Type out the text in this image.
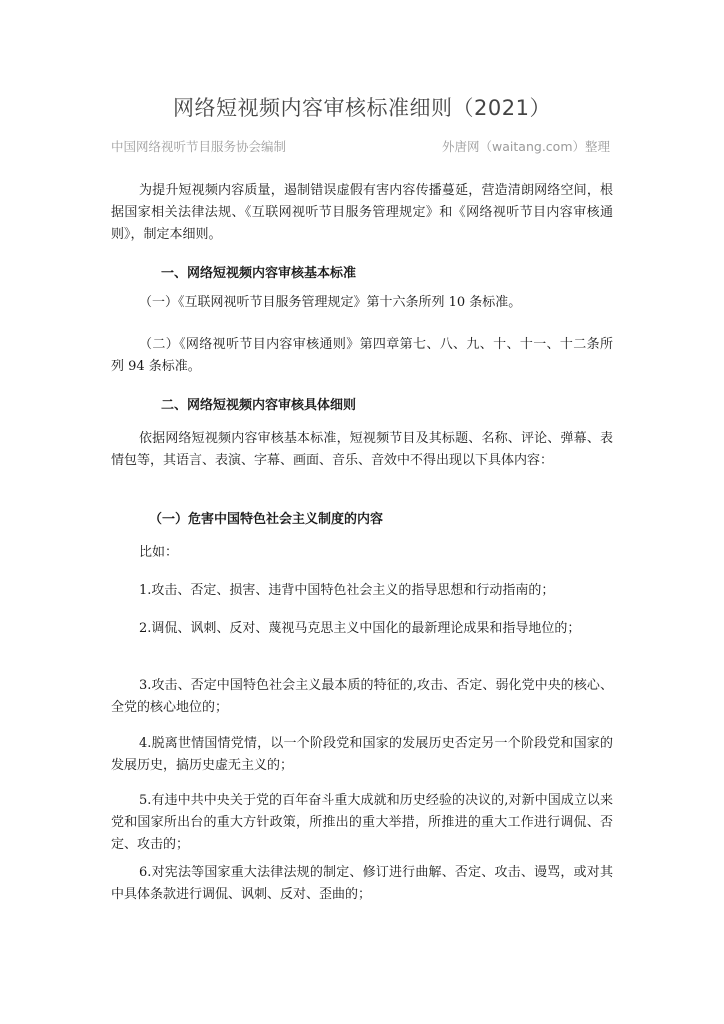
网络短视频内容审核标准细则（2021）
中国网络视听节目服务协会编制	外唐网（waitang.com）整理
为提升短视频内容质量，遏制错误虚假有害内容传播蔓延，营造清朗网络空间，根据国家相关法律法规、《互联网视听节目服务管理规定》和《网络视听节目内容审核通则》，制定本细则。
一、网络短视频内容审核基本标准
（一）《互联网视听节目服务管理规定》第十六条所列 10 条标准。
（二）《网络视听节目内容审核通则》第四章第七、八、九、十、十一、十二条所列 94 条标准。
二、网络短视频内容审核具体细则
依据网络短视频内容审核基本标准，短视频节目及其标题、名称、评论、弹幕、表情包等，其语言、表演、字幕、画面、音乐、音效中不得出现以下具体内容：
（一）危害中国特色社会主义制度的内容
比如：
1.攻击、否定、损害、违背中国特色社会主义的指导思想和行动指南的；
2.调侃、讽刺、反对、蔑视马克思主义中国化的最新理论成果和指导地位的；
3.攻击、否定中国特色社会主义最本质的特征的,攻击、否定、弱化党中央的核心、全党的核心地位的；
4.脱离世情国情党情，以一个阶段党和国家的发展历史否定另一个阶段党和国家的发展历史，搞历史虚无主义的；
5.有违中共中央关于党的百年奋斗重大成就和历史经验的决议的,对新中国成立以来党和国家所出台的重大方针政策，所推出的重大举措，所推进的重大工作进行调侃、否定、攻击的；
6.对宪法等国家重大法律法规的制定、修订进行曲解、否定、攻击、谩骂，或对其中具体条款进行调侃、讽刺、反对、歪曲的；
